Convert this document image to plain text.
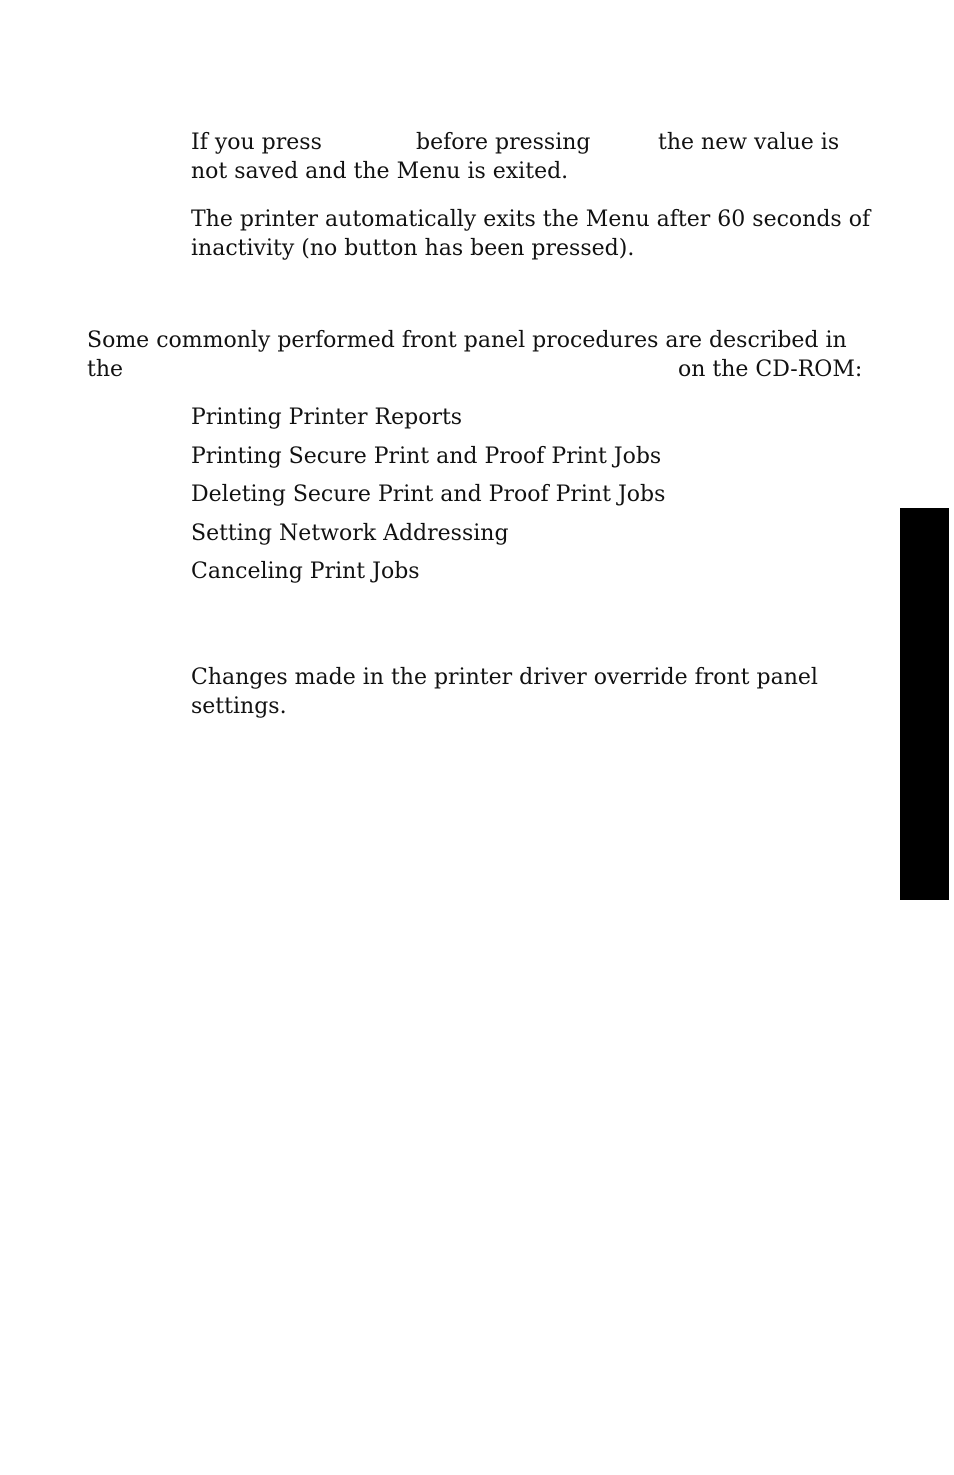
If you press	before pressing	the new value is

not saved and the Menu is exited.

The printer automatically exits the Menu after 60 seconds of

inactivity (no button has been pressed).

Some commonly performed front panel procedures are described in

the	on the CD-ROM:

Printing Printer Reports

Printing Secure Print and Proof Print Jobs

Deleting Secure Print and Proof Print Jobs

Setting Network Addressing

Canceling Print Jobs

Changes made in the printer driver override front panel

settings.
